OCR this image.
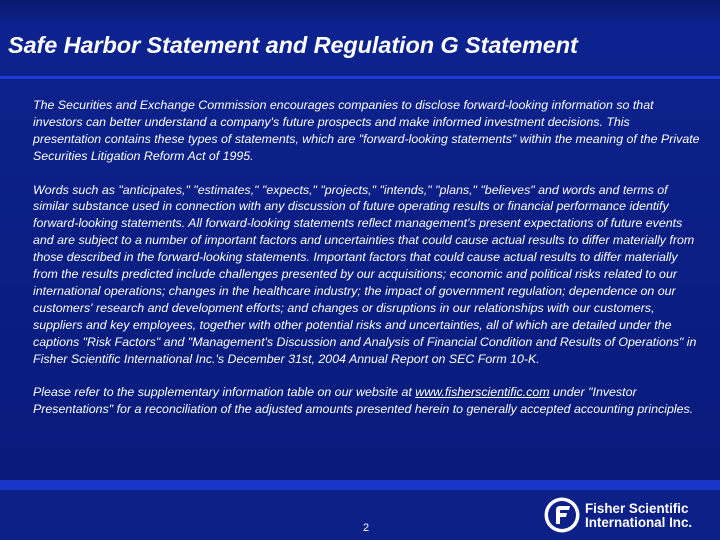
Safe Harbor Statement and Regulation G Statement

The Securities and Exchange Commission encourages companies to disclose forward-looking information so that investors can better understand a company's future prospects and make informed investment decisions. This presentation contains these types of statements, which are "forward-looking statements" within the meaning of the Private Securities Litigation Reform Act of 1995.

Words such as "anticipates," "estimates," "expects," "projects," "intends," "plans," "believes" and words and terms of similar substance used in connection with any discussion of future operating results or financial performance identify forward-looking statements. All forward-looking statements reflect management's present expectations of future events and are subject to a number of important factors and uncertainties that could cause actual results to differ materially from those described in the forward-looking statements. Important factors that could cause actual results to differ materially from the results predicted include challenges presented by our acquisitions; economic and political risks related to our international operations; changes in the healthcare industry; the impact of government regulation; dependence on our customers' research and development efforts; and changes or disruptions in our relationships with our customers, suppliers and key employees, together with other potential risks and uncertainties, all of which are detailed under the captions "Risk Factors" and "Management's Discussion and Analysis of Financial Condition and Results of Operations" in Fisher Scientific International Inc.'s December 31st, 2004 Annual Report on SEC Form 10-K.

Please refer to the supplementary information table on our website at www.fisherscientific.com under "Investor Presentations" for a reconciliation of the adjusted amounts presented herein to generally accepted accounting principles.

2
Fisher Scientific
International Inc.
